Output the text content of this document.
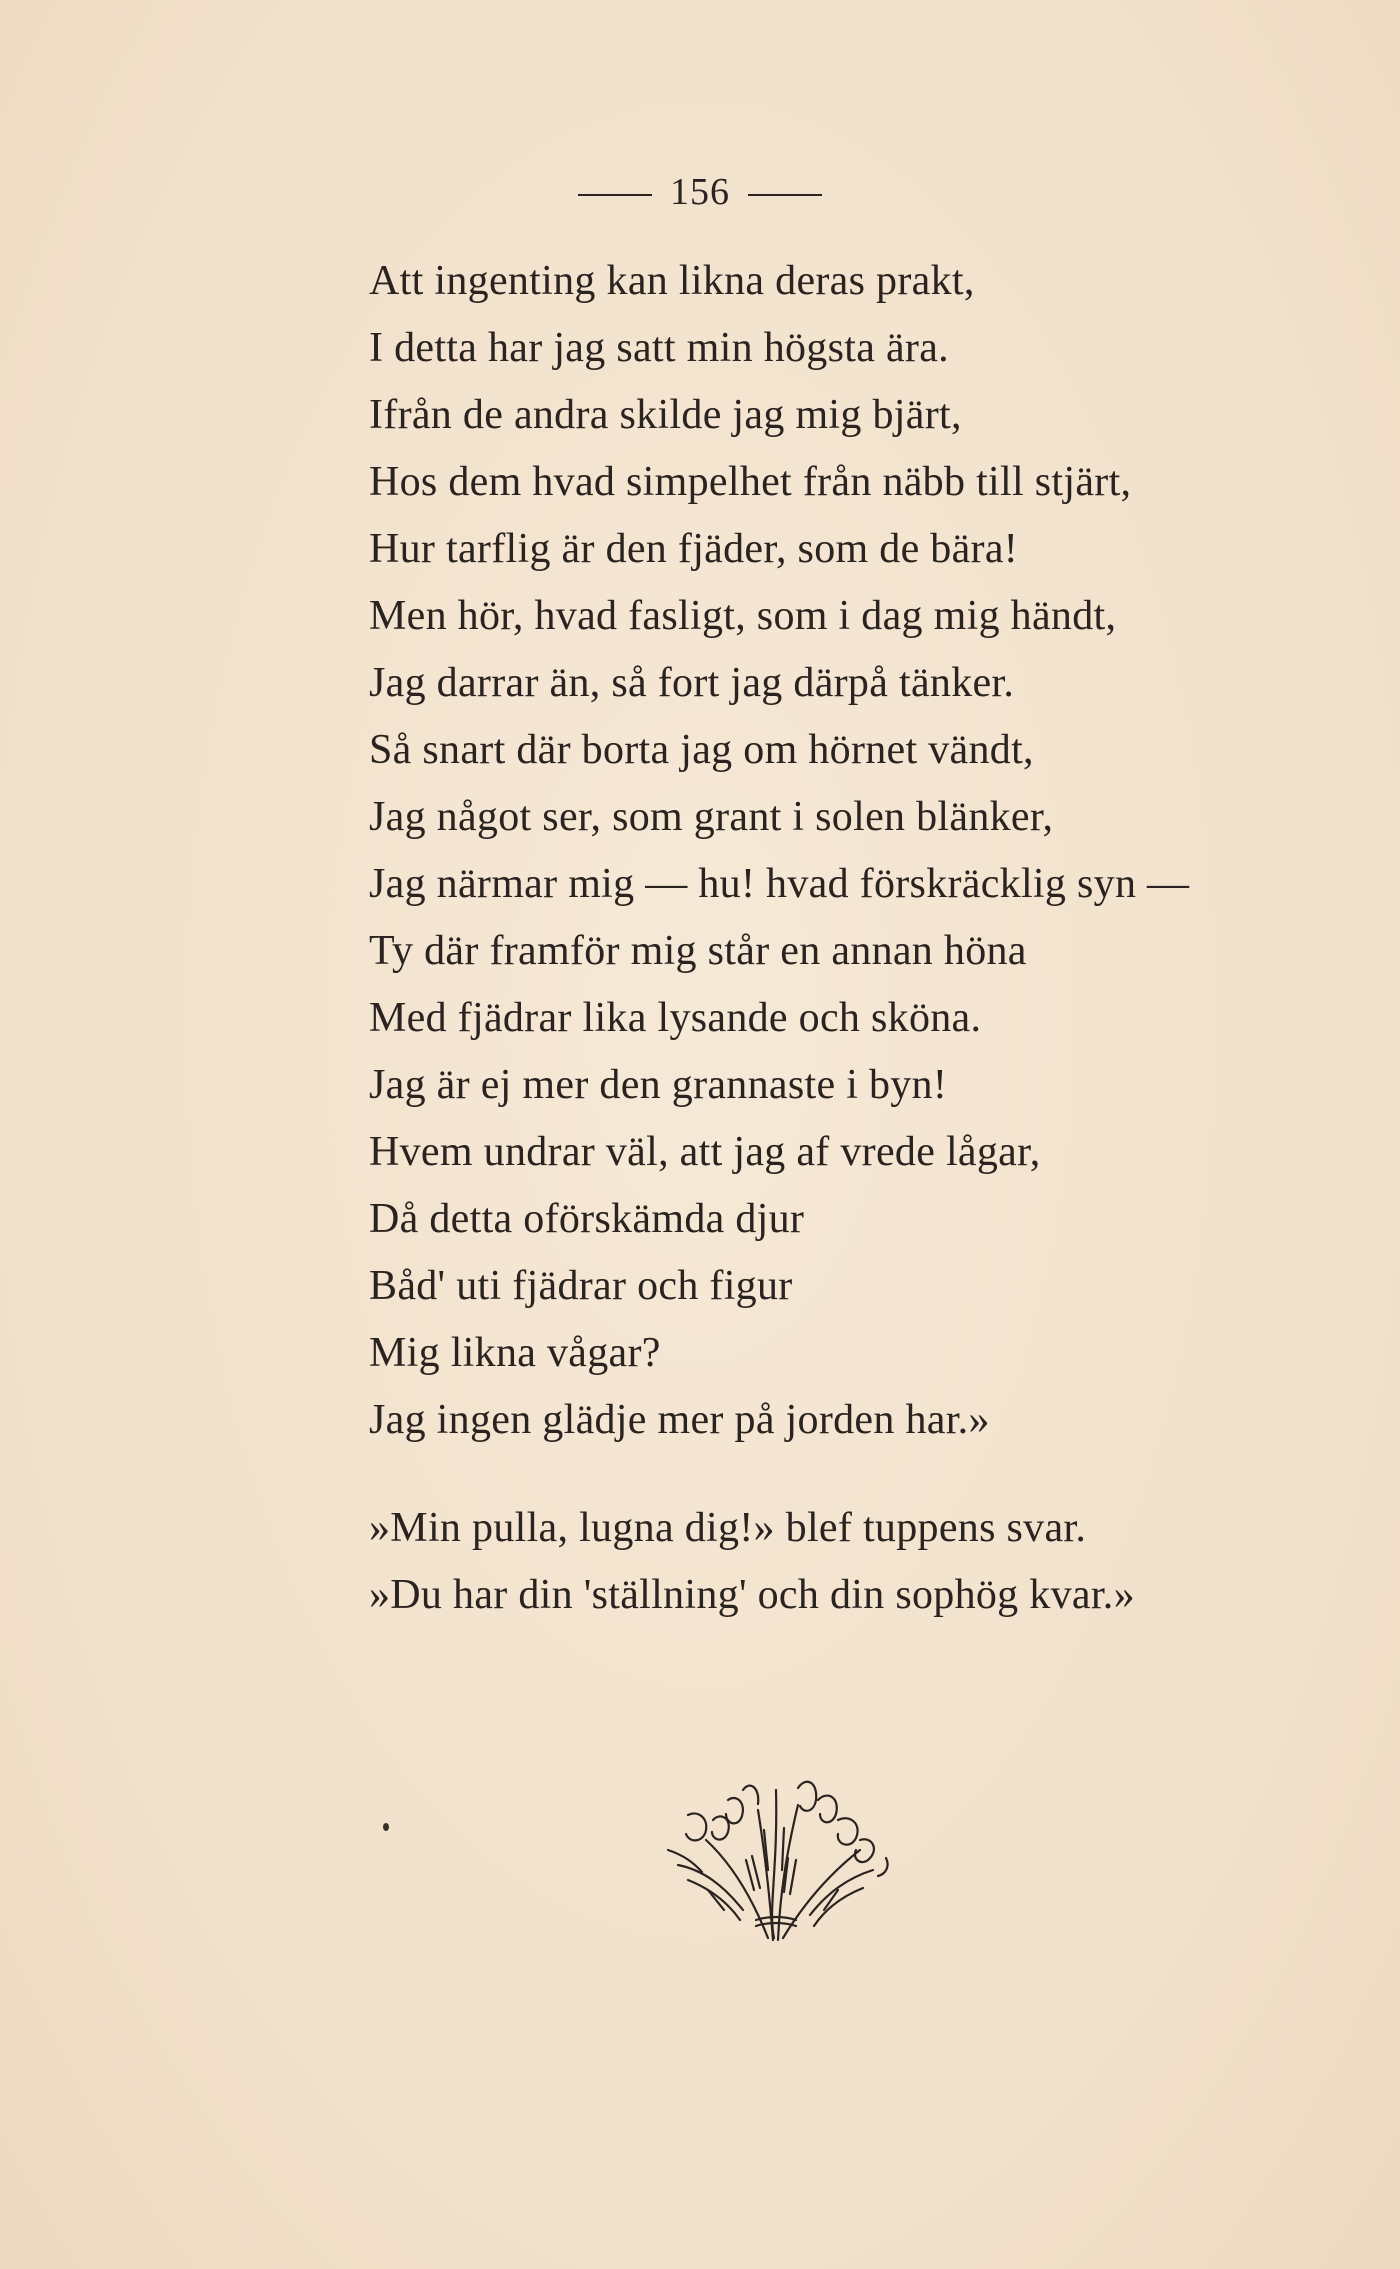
156
Att ingenting kan likna deras prakt,
I detta har jag satt min högsta ära.
Ifrån de andra skilde jag mig bjärt,
Hos dem hvad simpelhet från näbb till stjärt,
Hur tarflig är den fjäder, som de bära!
Men hör, hvad fasligt, som i dag mig händt,
Jag darrar än, så fort jag därpå tänker.
Så snart där borta jag om hörnet vändt,
Jag något ser, som grant i solen blänker,
Jag närmar mig — hu! hvad förskräcklig syn —
Ty där framför mig står en annan höna
Med fjädrar lika lysande och sköna.
Jag är ej mer den grannaste i byn!
Hvem undrar väl, att jag af vrede lågar,
Då detta oförskämda djur
Båd' uti fjädrar och figur
Mig likna vågar?
Jag ingen glädje mer på jorden har.»
»Min pulla, lugna dig!» blef tuppens svar.
»Du har din 'ställning' och din sophög kvar.»
